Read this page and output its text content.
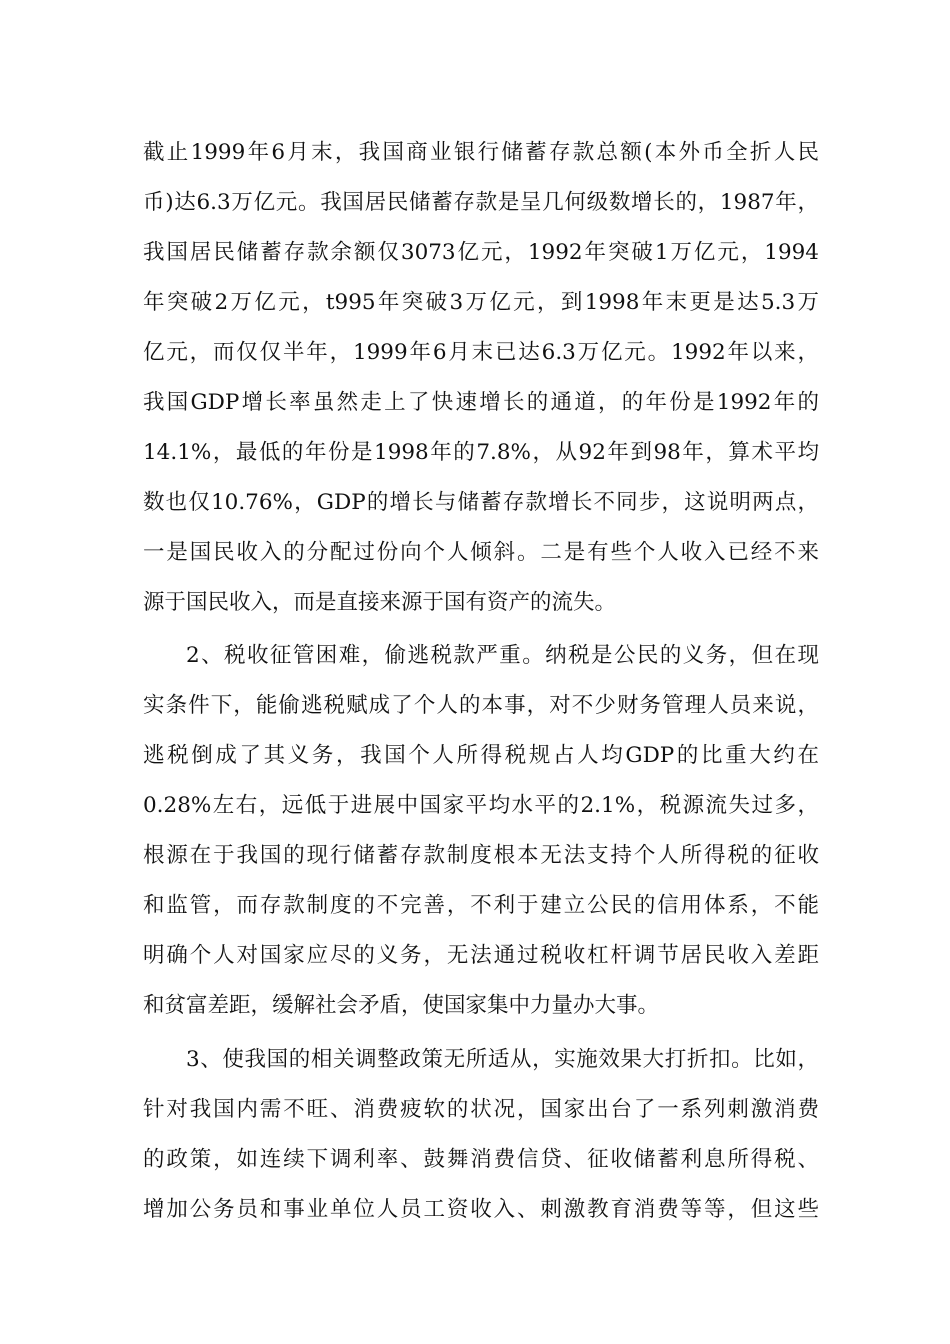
截止1999年6月末，我国商业银行储蓄存款总额(本外币全折人民
币)达6.3万亿元。我国居民储蓄存款是呈几何级数增长的，1987年，
我国居民储蓄存款余额仅3073亿元，1992年突破1万亿元，1994
年突破2万亿元，t995年突破3万亿元，到1998年末更是达5.3万
亿元，而仅仅半年，1999年6月末已达6.3万亿元。1992年以来，
我国GDP增长率虽然走上了快速增长的通道，的年份是1992年的
14.1%，最低的年份是1998年的7.8%，从92年到98年，算术平均
数也仅10.76%，GDP的增长与储蓄存款增长不同步，这说明两点，
一是国民收入的分配过份向个人倾斜。二是有些个人收入已经不来
源于国民收入，而是直接来源于国有资产的流失。
2、税收征管困难，偷逃税款严重。纳税是公民的义务，但在现
实条件下，能偷逃税赋成了个人的本事，对不少财务管理人员来说，
逃税倒成了其义务，我国个人所得税规占人均GDP的比重大约在
0.28%左右，远低于进展中国家平均水平的2.1%，税源流失过多，
根源在于我国的现行储蓄存款制度根本无法支持个人所得税的征收
和监管，而存款制度的不完善，不利于建立公民的信用体系，不能
明确个人对国家应尽的义务，无法通过税收杠杆调节居民收入差距
和贫富差距，缓解社会矛盾，使国家集中力量办大事。
3、使我国的相关调整政策无所适从，实施效果大打折扣。比如，
针对我国内需不旺、消费疲软的状况，国家出台了一系列刺激消费
的政策，如连续下调利率、鼓舞消费信贷、征收储蓄利息所得税、
增加公务员和事业单位人员工资收入、刺激教育消费等等，但这些
